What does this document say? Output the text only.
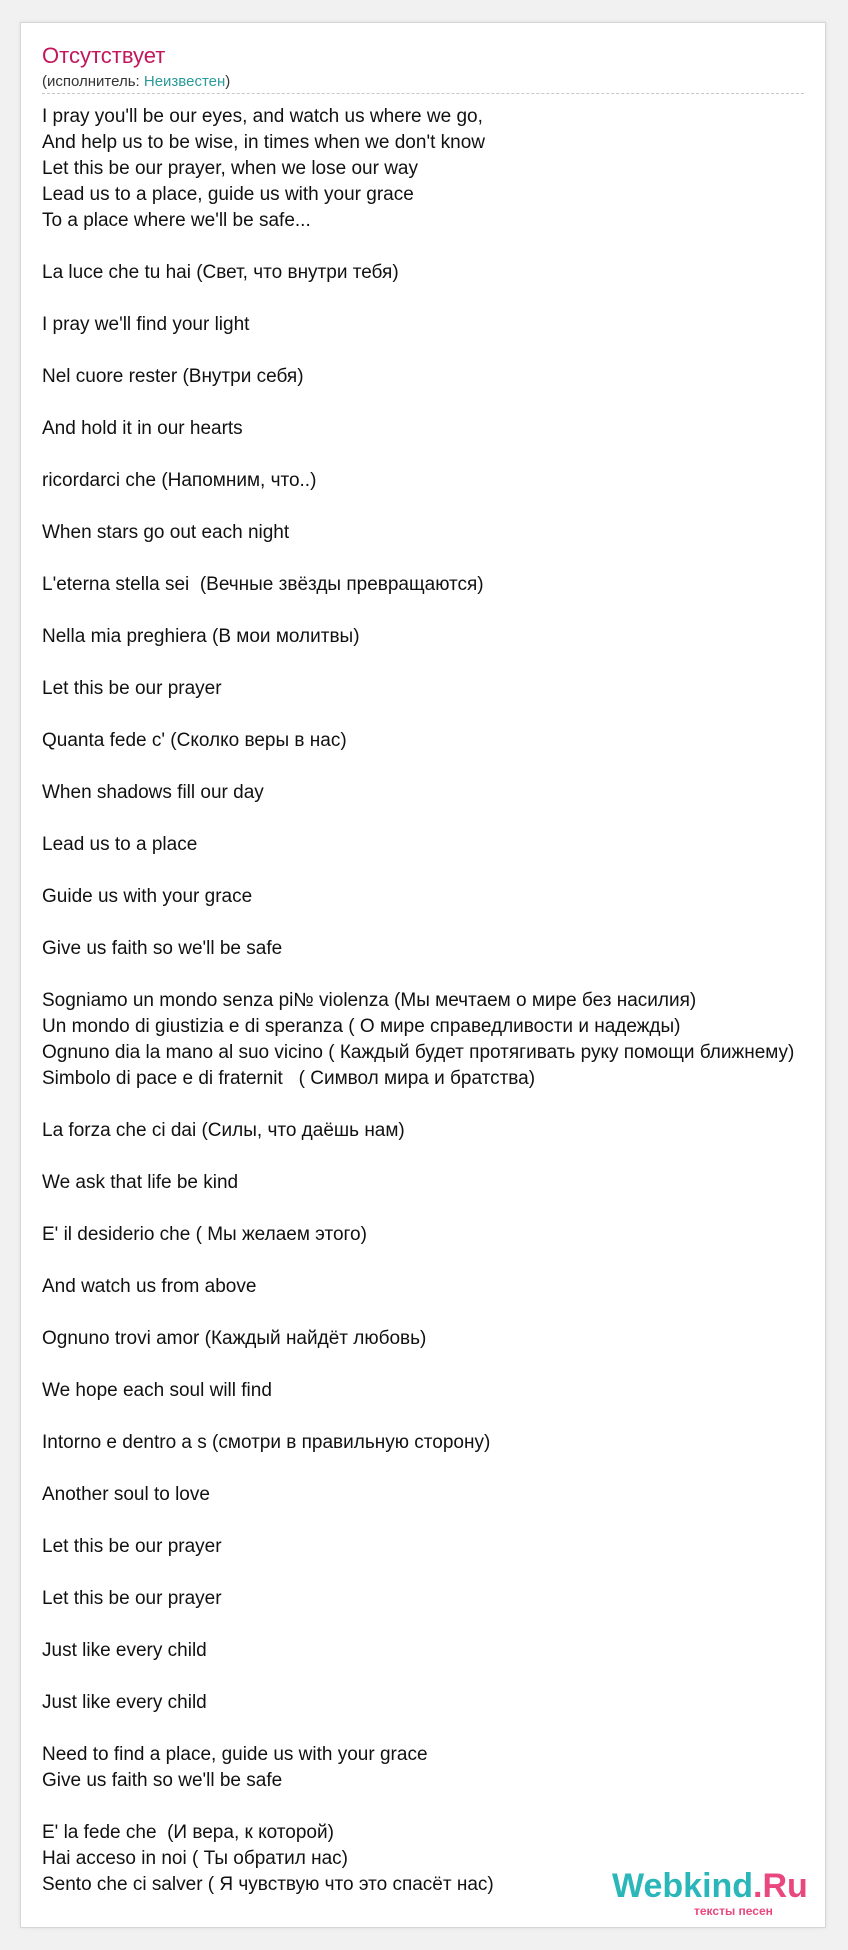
Отсутствует
(исполнитель: Неизвестен)
I pray you'll be our eyes, and watch us where we go,
And help us to be wise, in times when we don't know
Let this be our prayer, when we lose our way
Lead us to a place, guide us with your grace
To a place where we'll be safe...

La luce che tu hai (Свет, что внутри тебя)

I pray we'll find your light

Nel cuore rester (Внутри себя)

And hold it in our hearts

ricordarci che (Напомним, что..)

When stars go out each night

L'eterna stella sei  (Вечные звёзды превращаются)

Nella mia preghiera (В мои молитвы)

Let this be our prayer

Quanta fede c' (Сколко веры в нас)

When shadows fill our day

Lead us to a place

Guide us with your grace

Give us faith so we'll be safe

Sogniamo un mondo senza pi№ violenza (Мы мечтаем о мире без насилия)
Un mondo di giustizia e di speranza ( О мире справедливости и надежды)
Ognuno dia la mano al suo vicino ( Каждый будет протягивать руку помощи ближнему)
Simbolo di pace e di fraternit   ( Символ мира и братства)

La forza che ci dai (Силы, что даёшь нам)

We ask that life be kind

E' il desiderio che ( Мы желаем этого)

And watch us from above

Ognuno trovi amor (Каждый найдёт любовь)

We hope each soul will find

Intorno e dentro a s (смотри в правильную сторону)

Another soul to love

Let this be our prayer

Let this be our prayer

Just like every child

Just like every child

Need to find a place, guide us with your grace
Give us faith so we'll be safe

E' la fede che  (И вера, к которой)
Hai acceso in noi ( Ты обратил нас)
Sento che ci salver ( Я чувствую что это спасёт нас)	Webkind.Ru
тексты песен
